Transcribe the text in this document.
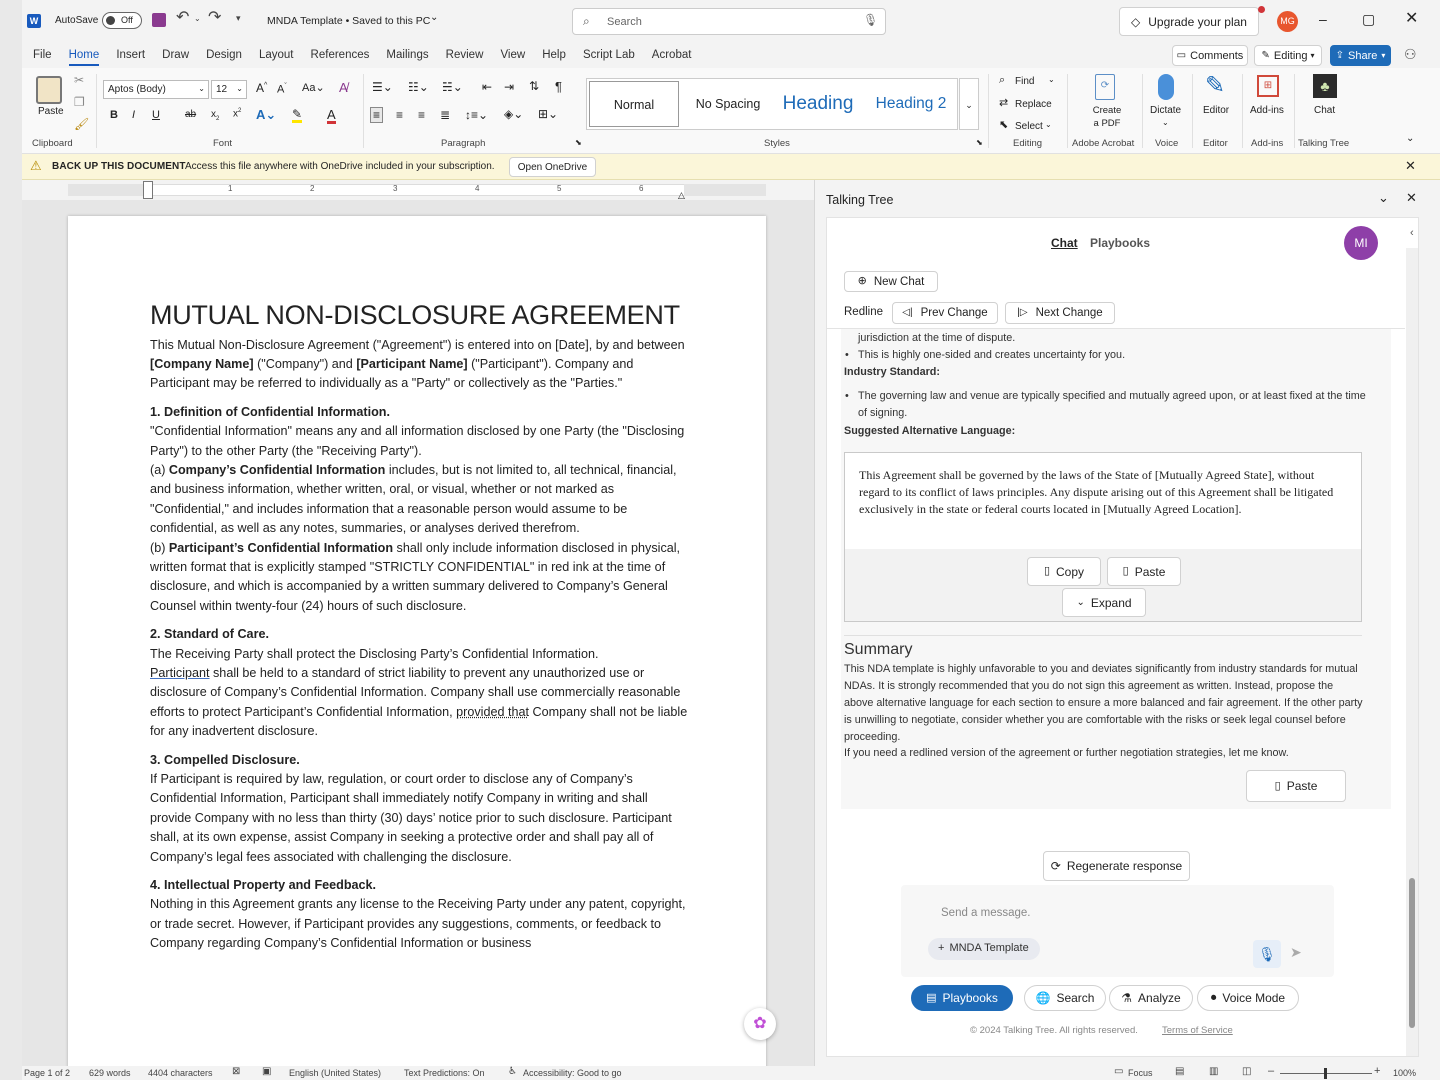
W AutoSave	Off	↶ ⌄ ↷ ▾	MNDA Template • Saved to this PC ⌄	⌕ Search	🎙	◇ Upgrade your plan	MG –	▢ ✕
File Home Insert Draw Design Layout References Mailings Review View Help Script Lab Acrobat	▭ Comments ✎ Editing ▾ ⇪ Share ▾ ⚇
Paste
✂
❐
🖌
Clipboard
Aptos (Body)	⌄	12 ⌄ A^ $A^ˇ$ Aa⌄ A̸
B I U	ab $x_2$ $x^2$ A⌄ ✎ A
Font
☰⌄ ☷⌄ ☵⌄ ⇤ ⇥ ⇅ ¶
≡ ≡ ≡ ≣ ↕≡⌄ ◈⌄ ⊞⌄
Paragraph	⬊
Normal	No Spacing	Heading	Heading 2	⌄
Styles	⬊
⌕ Find ⌄
⇄ Replace
⬉ Select ⌄
Editing
⟳
Create a PDF
Adobe Acrobat
Dictate
⌄
Voice
✎
Editor
Editor
⊞
Add-ins
Add-ins
♣
Chat
Talking Tree	⌄
⚠ BACK UP THIS DOCUMENT Access this file anywhere with OneDrive included in your subscription.	Open OneDrive	✕
1	2	3	4	5	6
△
MUTUAL NON-DISCLOSURE AGREEMENT

This Mutual Non-Disclosure Agreement ("Agreement") is entered into on [Date], by and between [Company Name] ("Company") and [Participant Name] ("Participant"). Company and Participant may be referred to individually as a "Party" or collectively as the "Parties."

1. Definition of Confidential Information.

"Confidential Information" means any and all information disclosed by one Party (the "Disclosing Party") to the other Party (the "Receiving Party").

(a) Company’s Confidential Information includes, but is not limited to, all technical, financial, and business information, whether written, oral, or visual, whether or not marked as "Confidential," and includes information that a reasonable person would assume to be confidential, as well as any notes, summaries, or analyses derived therefrom.

(b) Participant’s Confidential Information shall only include information disclosed in physical, written format that is explicitly stamped "STRICTLY CONFIDENTIAL" in red ink at the time of disclosure, and which is accompanied by a written summary delivered to Company’s General Counsel within twenty-four (24) hours of such disclosure.

2. Standard of Care.

The Receiving Party shall protect the Disclosing Party’s Confidential Information.

Participant shall be held to a standard of strict liability to prevent any unauthorized use or disclosure of Company’s Confidential Information. Company shall use commercially reasonable efforts to protect Participant’s Confidential Information, provided that Company shall not be liable for any inadvertent disclosure.

3. Compelled Disclosure.

If Participant is required by law, regulation, or court order to disclose any of Company’s Confidential Information, Participant shall immediately notify Company in writing and shall provide Company with no less than thirty (30) days’ notice prior to such disclosure. Participant shall, at its own expense, assist Company in seeking a protective order and shall pay all of Company’s legal fees associated with challenging the disclosure.

4. Intellectual Property and Feedback.

Nothing in this Agreement grants any license to the Receiving Party under any patent, copyright, or trade secret. However, if Participant provides any suggestions, comments, or feedback to Company regarding Company’s Confidential Information or business

✿
Talking Tree	⌄ ✕
Chat Playbooks	MI
‹
⊕ New Chat
Redline ◁| Prev Change	|▷ Next Change
jurisdiction at the time of dispute.
• This is highly one-sided and creates uncertainty for you.
Industry Standard:
• The governing law and venue are typically specified and mutually agreed upon, or at least fixed at the time of signing.
Suggested Alternative Language:
This Agreement shall be governed by the laws of the State of [Mutually Agreed State], without regard to its conflict of laws principles. Any dispute arising out of this Agreement shall be litigated exclusively in the state or federal courts located in [Mutually Agreed Location].
▯ Copy	▯ Paste
⌄ Expand
Summary
This NDA template is highly unfavorable to you and deviates significantly from industry standards for mutual NDAs. It is strongly recommended that you do not sign this agreement as written. Instead, propose the above alternative language for each section to ensure a more balanced and fair agreement. If the other party is unwilling to negotiate, consider whether you are comfortable with the risks or seek legal counsel before proceeding.
If you need a redlined version of the agreement or further negotiation strategies, let me know.
▯ Paste
⟳ Regenerate response
Send a message.
+ MNDA Template	🎙	➤
▤ Playbooks	🌐 Search ⚗ Analyze	⏺ Voice Mode
© 2024 Talking Tree. All rights reserved.	Terms of Service
Page 1 of 2 629 words 4404 characters ⊠ ▣ English (United States)	Text Predictions: On ♿ Accessibility: Good to go	▭ Focus ▤ ▥ ◫ –	+ 100%
